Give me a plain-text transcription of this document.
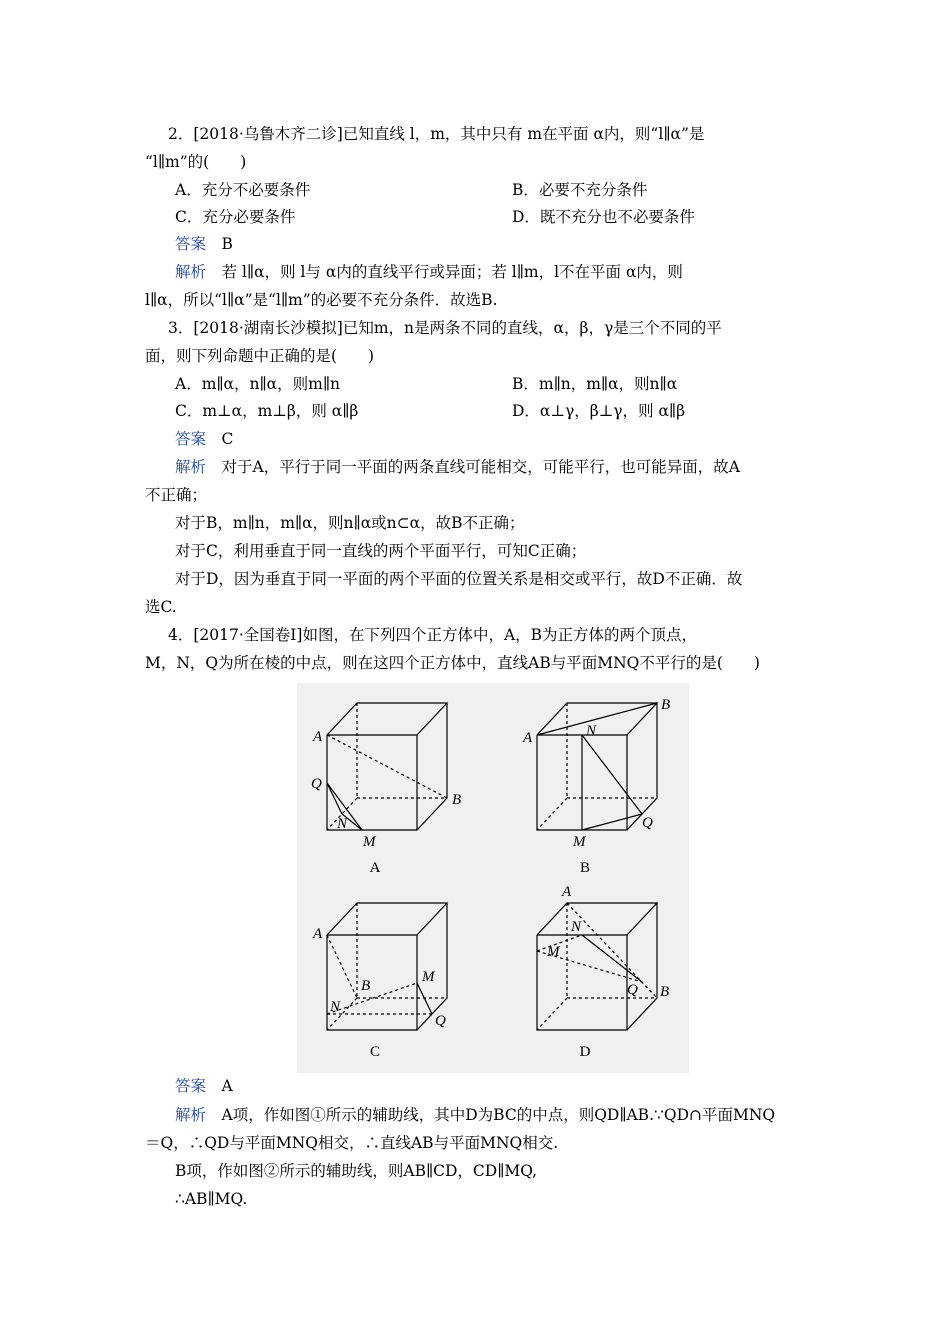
2．[2018·乌鲁木齐二诊]已知直线 l，m，其中只有 m在平面 α内，则“l∥α”是
“l∥m”的(　　)
A．充分不必要条件	B．必要不充分条件
C．充分必要条件	D．既不充分也不必要条件
答案　 B
解析　 若 l∥α，则 l与 α内的直线平行或异面；若 l∥m，l不在平面 α内，则
l∥α，所以“l∥α”是“l∥m”的必要不充分条件．故选B.
3．[2018·湖南长沙模拟]已知m，n是两条不同的直线，α，β，γ是三个不同的平
面，则下列命题中正确的是(　　)
A．m∥α，n∥α，则m∥n	B．m∥n，m∥α，则n∥α
C．m⊥α，m⊥β，则 α∥β	D．α⊥γ，β⊥γ，则 α∥β
答案　 C
解析　 对于A，平行于同一平面的两条直线可能相交，可能平行，也可能异面，故A
不正确；
对于B，m∥n，m∥α，则n∥α或n⊂α，故B不正确；
对于C，利用垂直于同一直线的两个平面平行，可知C正确；
对于D，因为垂直于同一平面的两个平面的位置关系是相交或平行，故D不正确．故
选C.
4．[2017·全国卷Ⅰ]如图，在下列四个正方体中，A，B为正方体的两个顶点，
M，N，Q为所在棱的中点，则在这四个正方体中，直线AB与平面MNQ不平行的是(　　)
A
Q
B
N
M
B
A	N
M
Q
A
M
B
N
Q
A
N
M
Q B
A	B
C	D
答案　 A
解析　 A项，作如图①所示的辅助线，其中D为BC的中点，则QD∥AB.∵QD∩平面MNQ
＝Q，∴QD与平面MNQ相交，∴直线AB与平面MNQ相交.
B项，作如图②所示的辅助线，则AB∥CD，CD∥MQ,
∴AB∥MQ.
